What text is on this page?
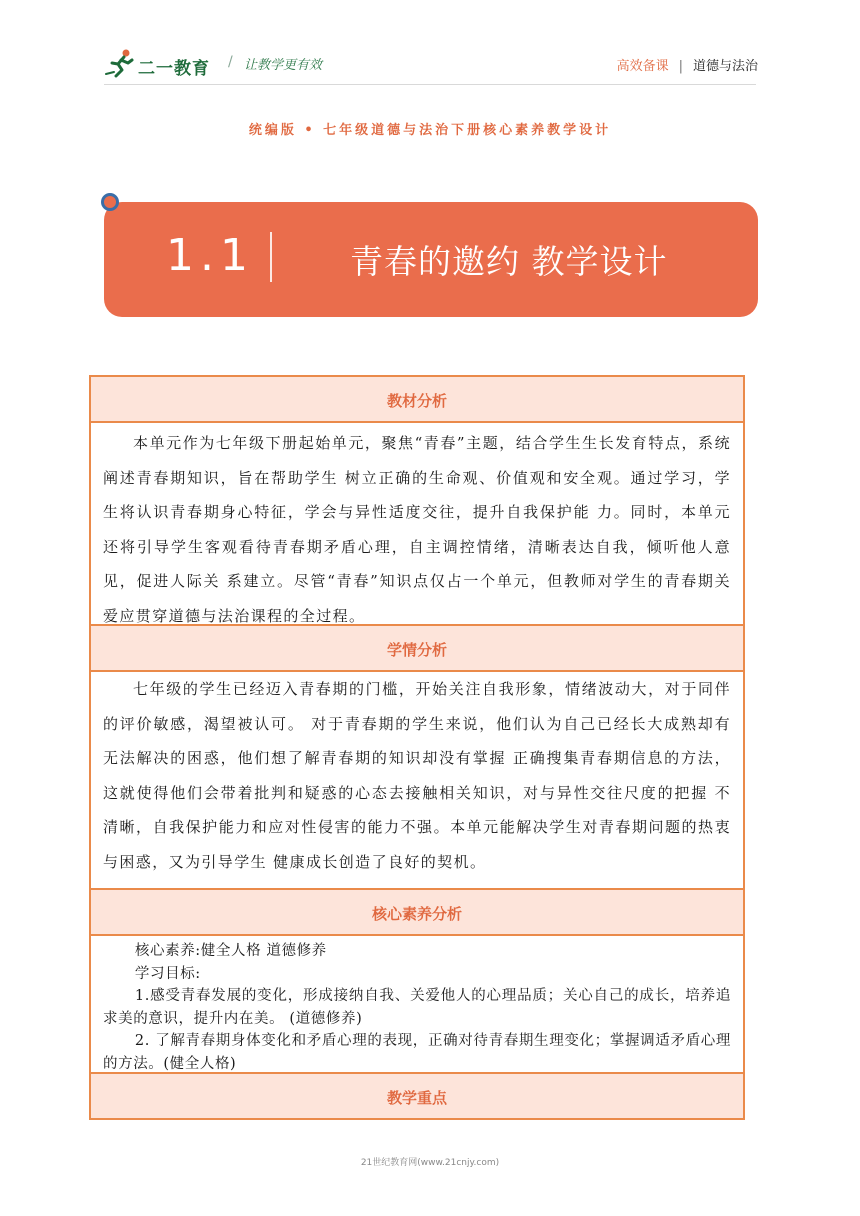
二一教育 / 让教学更有效	高效备课 | 道德与法治
统编版 • 七年级道德与法治下册核心素养教学设计
1.1	青春的邀约 教学设计
教材分析
本单元作为七年级下册起始单元，聚焦“青春”主题，结合学生生长发育特点，系统阐述青春期知识，旨在帮助学生 树立正确的生命观、价值观和安全观。通过学习，学生将认识青春期身心特征，学会与异性适度交往，提升自我保护能 力。同时，本单元还将引导学生客观看待青春期矛盾心理，自主调控情绪，清晰表达自我，倾听他人意见，促进人际关 系建立。尽管“青春”知识点仅占一个单元，但教师对学生的青春期关爱应贯穿道德与法治课程的全过程。
学情分析
七年级的学生已经迈入青春期的门槛，开始关注自我形象，情绪波动大，对于同伴的评价敏感，渴望被认可。 对于青春期的学生来说，他们认为自己已经长大成熟却有无法解决的困惑，他们想了解青春期的知识却没有掌握 正确搜集青春期信息的方法，这就使得他们会带着批判和疑惑的心态去接触相关知识，对与异性交往尺度的把握 不清晰，自我保护能力和应对性侵害的能力不强。本单元能解决学生对青春期问题的热衷与困惑，又为引导学生 健康成长创造了良好的契机。
核心素养分析
核心素养:健全人格 道德修养
学习目标:
1.感受青春发展的变化，形成接纳自我、关爱他人的心理品质；关心自己的成长，培养追求美的意识，提升内在美。 (道德修养)
2. 了解青春期身体变化和矛盾心理的表现，正确对待青春期生理变化；掌握调适矛盾心理的方法。(健全人格)
教学重点
21世纪教育网(www.21cnjy.com)
